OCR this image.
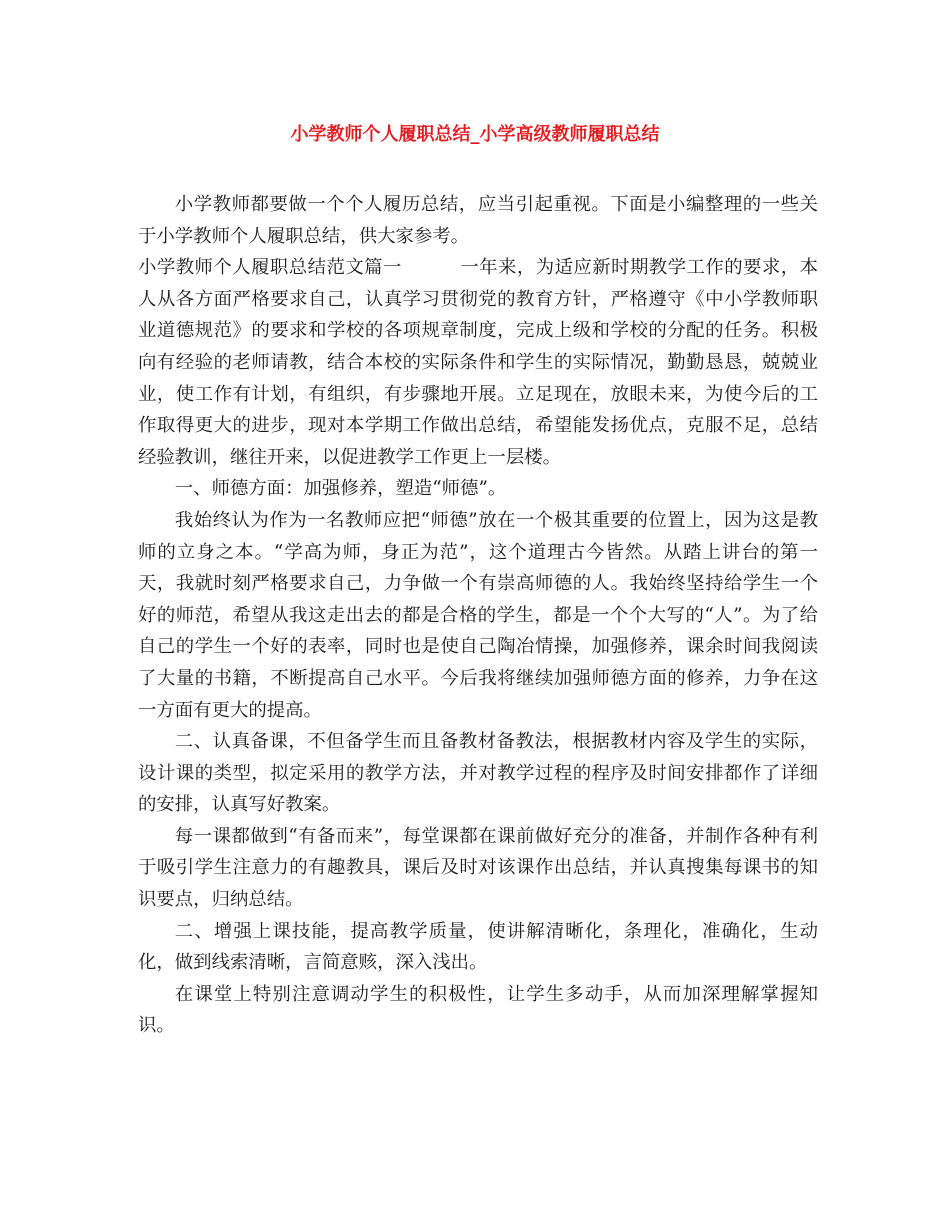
小学教师个人履职总结_小学高级教师履职总结

小学教师都要做一个个人履历总结，应当引起重视。下面是小编整理的一些关于小学教师个人履职总结，供大家参考。

小学教师个人履职总结范文篇一	一年来，为适应新时期教学工作的要求，本人从各方面严格要求自己，认真学习贯彻党的教育方针，严格遵守《中小学教师职业道德规范》的要求和学校的各项规章制度，完成上级和学校的分配的任务。积极向有经验的老师请教，结合本校的实际条件和学生的实际情况，勤勤恳恳，兢兢业业，使工作有计划，有组织，有步骤地开展。立足现在，放眼未来，为使今后的工作取得更大的进步，现对本学期工作做出总结，希望能发扬优点，克服不足，总结经验教训，继往开来，以促进教学工作更上一层楼。

一、师德方面：加强修养，塑造“师德”。

我始终认为作为一名教师应把“师德”放在一个极其重要的位置上，因为这是教师的立身之本。“学高为师，身正为范”，这个道理古今皆然。从踏上讲台的第一天，我就时刻严格要求自己，力争做一个有崇高师德的人。我始终坚持给学生一个好的师范，希望从我这走出去的都是合格的学生，都是一个个大写的“人”。为了给自己的学生一个好的表率，同时也是使自己陶冶情操，加强修养，课余时间我阅读了大量的书籍，不断提高自己水平。今后我将继续加强师德方面的修养，力争在这一方面有更大的提高。

二、认真备课，不但备学生而且备教材备教法，根据教材内容及学生的实际，设计课的类型，拟定采用的教学方法，并对教学过程的程序及时间安排都作了详细的安排，认真写好教案。

每一课都做到“有备而来”，每堂课都在课前做好充分的准备，并制作各种有利于吸引学生注意力的有趣教具，课后及时对该课作出总结，并认真搜集每课书的知识要点，归纳总结。

二、增强上课技能，提高教学质量，使讲解清晰化，条理化，准确化，生动化，做到线索清晰，言简意赅，深入浅出。

在课堂上特别注意调动学生的积极性，让学生多动手，从而加深理解掌握知识。
